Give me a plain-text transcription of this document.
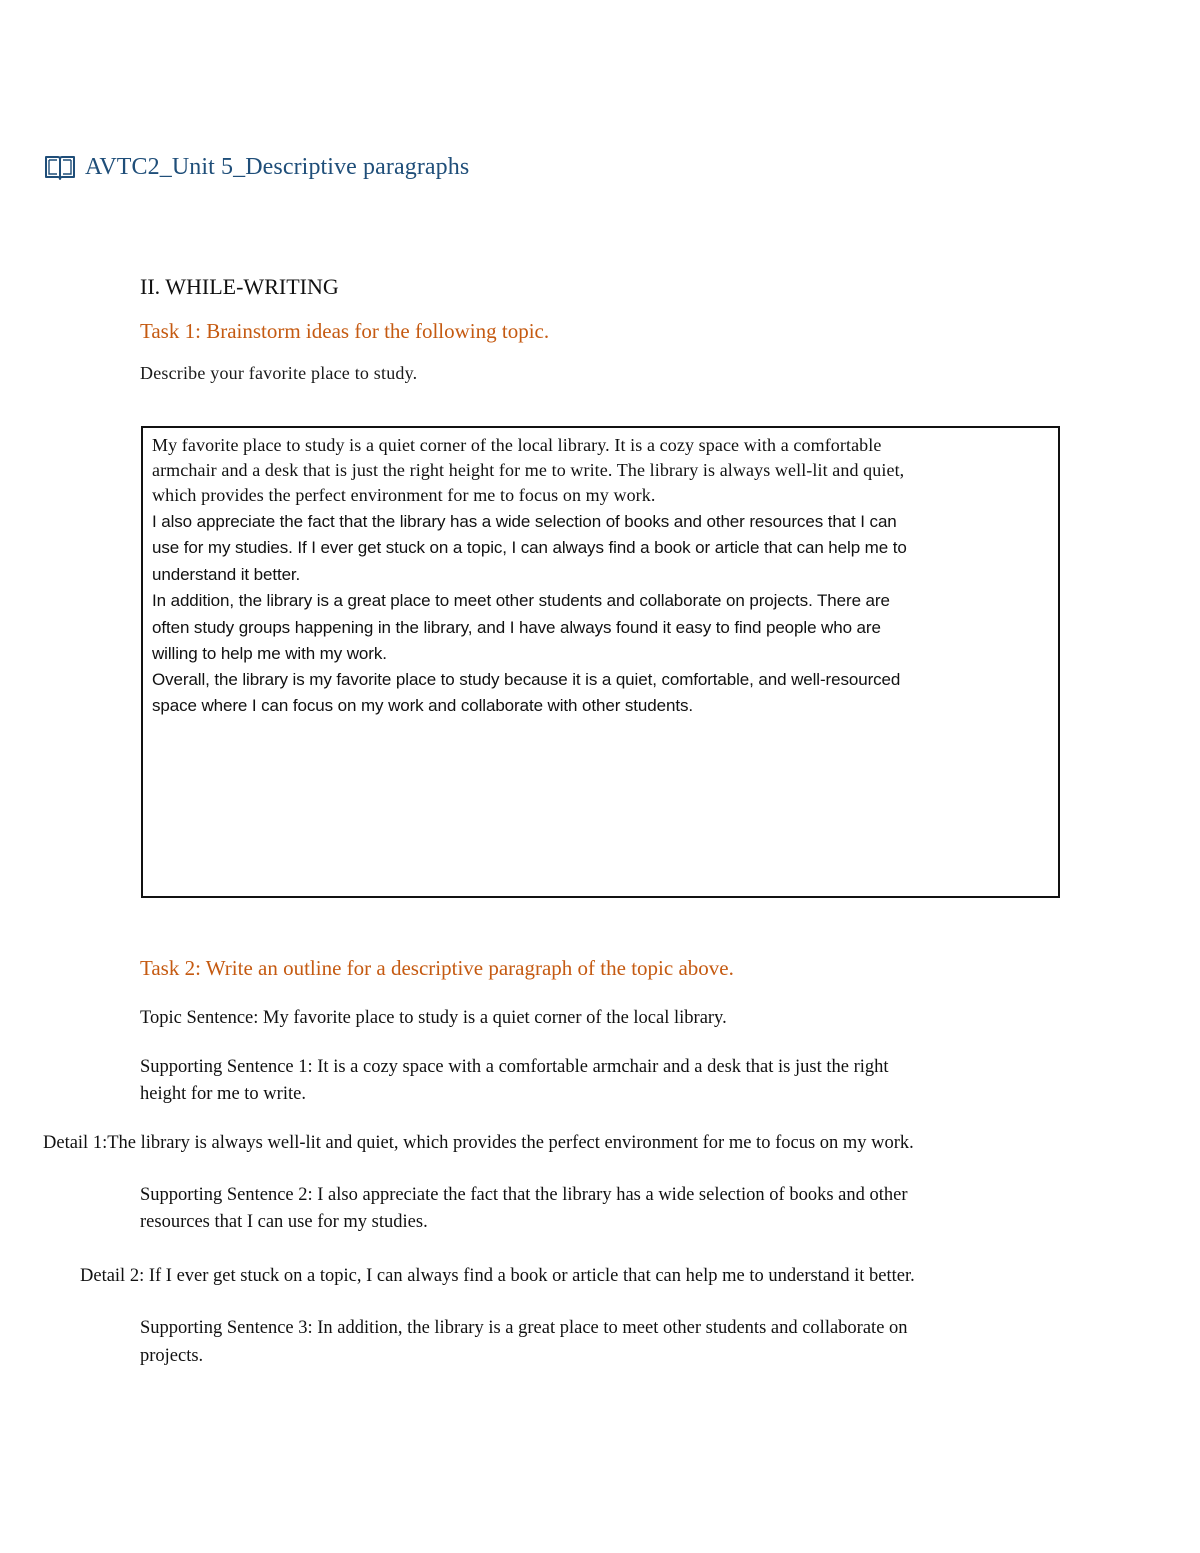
AVTC2_Unit 5_Descriptive paragraphs
II. WHILE-WRITING
Task 1: Brainstorm ideas for the following topic.
Describe your favorite place to study.
My favorite place to study is a quiet corner of the local library. It is a cozy space with a comfortable
armchair and a desk that is just the right height for me to write. The library is always well-lit and quiet,
which provides the perfect environment for me to focus on my work.
I also appreciate the fact that the library has a wide selection of books and other resources that I can
use for my studies. If I ever get stuck on a topic, I can always find a book or article that can help me to
understand it better.
In addition, the library is a great place to meet other students and collaborate on projects. There are
often study groups happening in the library, and I have always found it easy to find people who are
willing to help me with my work.
Overall, the library is my favorite place to study because it is a quiet, comfortable, and well-resourced
space where I can focus on my work and collaborate with other students.
Task 2: Write an outline for a descriptive paragraph of the topic above.
Topic Sentence: My favorite place to study is a quiet corner of the local library.
Supporting Sentence 1: It is a cozy space with a comfortable armchair and a desk that is just the right
height for me to write.
Detail 1:The library is always well-lit and quiet, which provides the perfect environment for me to focus on my work.
Supporting Sentence 2: I also appreciate the fact that the library has a wide selection of books and other
resources that I can use for my studies.
Detail 2: If I ever get stuck on a topic, I can always find a book or article that can help me to understand it better.
Supporting Sentence 3: In addition, the library is a great place to meet other students and collaborate on
projects.
